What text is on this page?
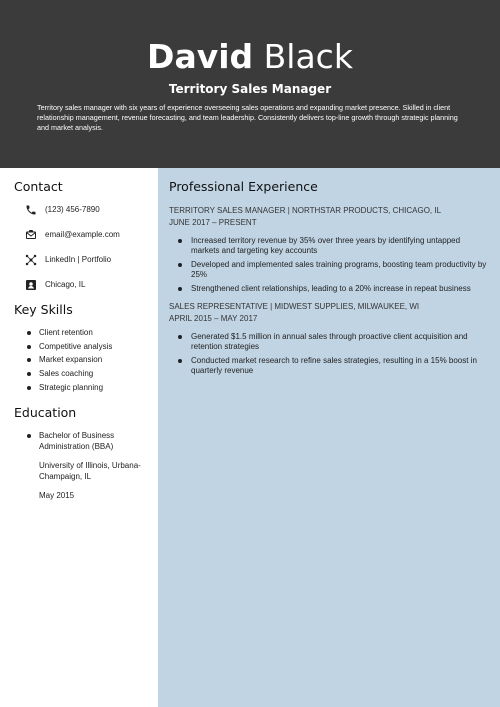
David Black
Territory Sales Manager
Territory sales manager with six years of experience overseeing sales operations and expanding market presence. Skilled in client relationship management, revenue forecasting, and team leadership. Consistently delivers top-line growth through strategic planning and market analysis.
Contact
(123) 456-7890
email@example.com
LinkedIn | Portfolio
Chicago, IL
Key Skills
Client retention
Competitive analysis
Market expansion
Sales coaching
Strategic planning
Education
Bachelor of Business Administration (BBA)
University of Illinois, Urbana-Champaign, IL
May 2015
Professional Experience
TERRITORY SALES MANAGER | NORTHSTAR PRODUCTS, CHICAGO, IL
JUNE 2017 – PRESENT
Increased territory revenue by 35% over three years by identifying untapped markets and targeting key accounts
Developed and implemented sales training programs, boosting team productivity by 25%
Strengthened client relationships, leading to a 20% increase in repeat business
SALES REPRESENTATIVE | MIDWEST SUPPLIES, MILWAUKEE, WI
APRIL 2015 – MAY 2017
Generated $1.5 million in annual sales through proactive client acquisition and retention strategies
Conducted market research to refine sales strategies, resulting in a 15% boost in quarterly revenue
